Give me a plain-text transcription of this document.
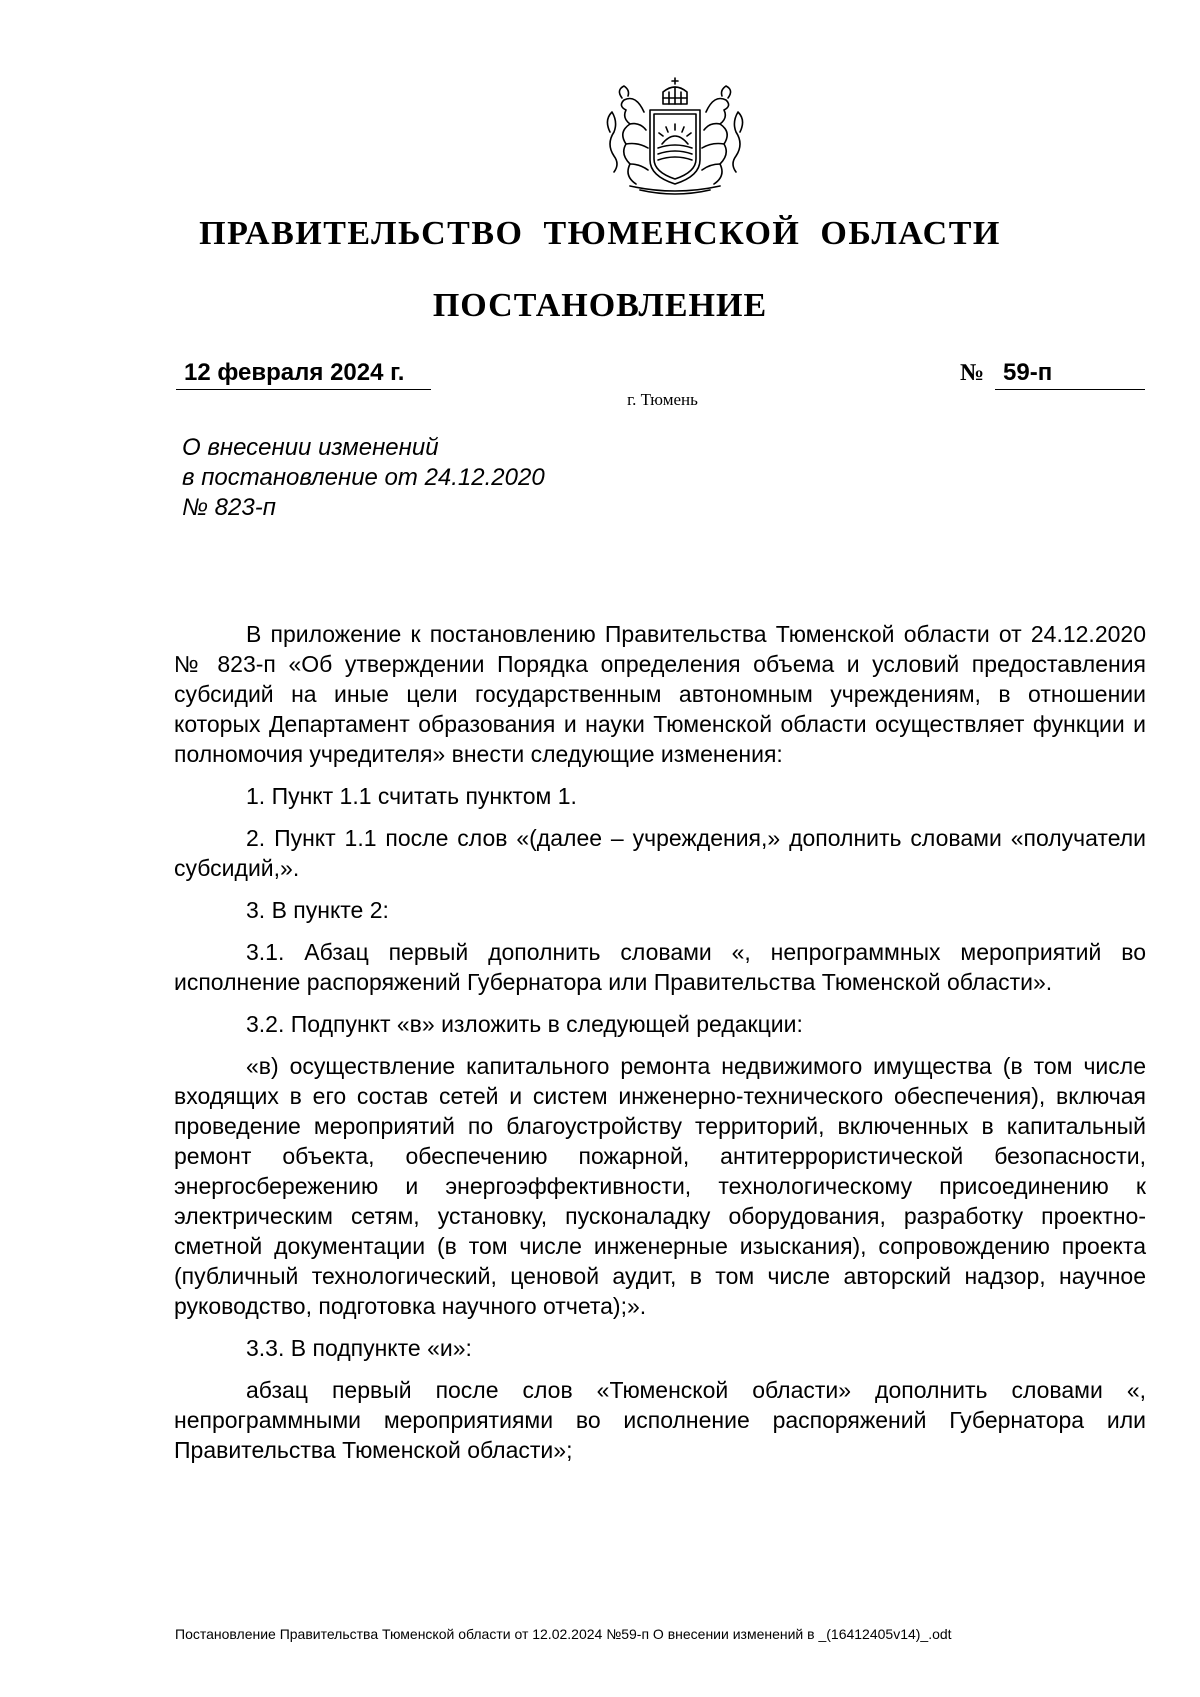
ПРАВИТЕЛЬСТВО ТЮМЕНСКОЙ ОБЛАСТИ
ПОСТАНОВЛЕНИЕ
12 февраля 2024 г.	№ 59-п
г. Тюмень
О внесении изменений
в постановление от 24.12.2020
№ 823-п

В приложение к постановлению Правительства Тюменской области от 24.12.2020 № 823-п «Об утверждении Порядка определения объема и условий предоставления субсидий на иные цели государственным автономным учреждениям, в отношении которых Департамент образования и науки Тюменской области осуществляет функции и полномочия учредителя» внести следующие изменения:

1. Пункт 1.1 считать пунктом 1.

2. Пункт 1.1 после слов «(далее – учреждения,» дополнить словами «получатели субсидий,».

3. В пункте 2:

3.1. Абзац первый дополнить словами «, непрограммных мероприятий во исполнение распоряжений Губернатора или Правительства Тюменской области».

3.2. Подпункт «в» изложить в следующей редакции:

«в) осуществление капитального ремонта недвижимого имущества (в том числе входящих в его состав сетей и систем инженерно-технического обеспечения), включая проведение мероприятий по благоустройству территорий, включенных в капитальный ремонт объекта, обеспечению пожарной, антитеррористической безопасности, энергосбережению и энергоэффективности, технологическому присоединению к электрическим сетям, установку, пусконаладку оборудования, разработку проектно-сметной документации (в том числе инженерные изыскания), сопровождению проекта (публичный технологический, ценовой аудит, в том числе авторский надзор, научное руководство, подготовка научного отчета);».

3.3. В подпункте «и»:

абзац первый после слов «Тюменской области» дополнить словами «, непрограммными мероприятиями во исполнение распоряжений Губернатора или Правительства Тюменской области»;

Постановление Правительства Тюменской области от 12.02.2024 №59-п О внесении изменений в _(16412405v14)_.odt
